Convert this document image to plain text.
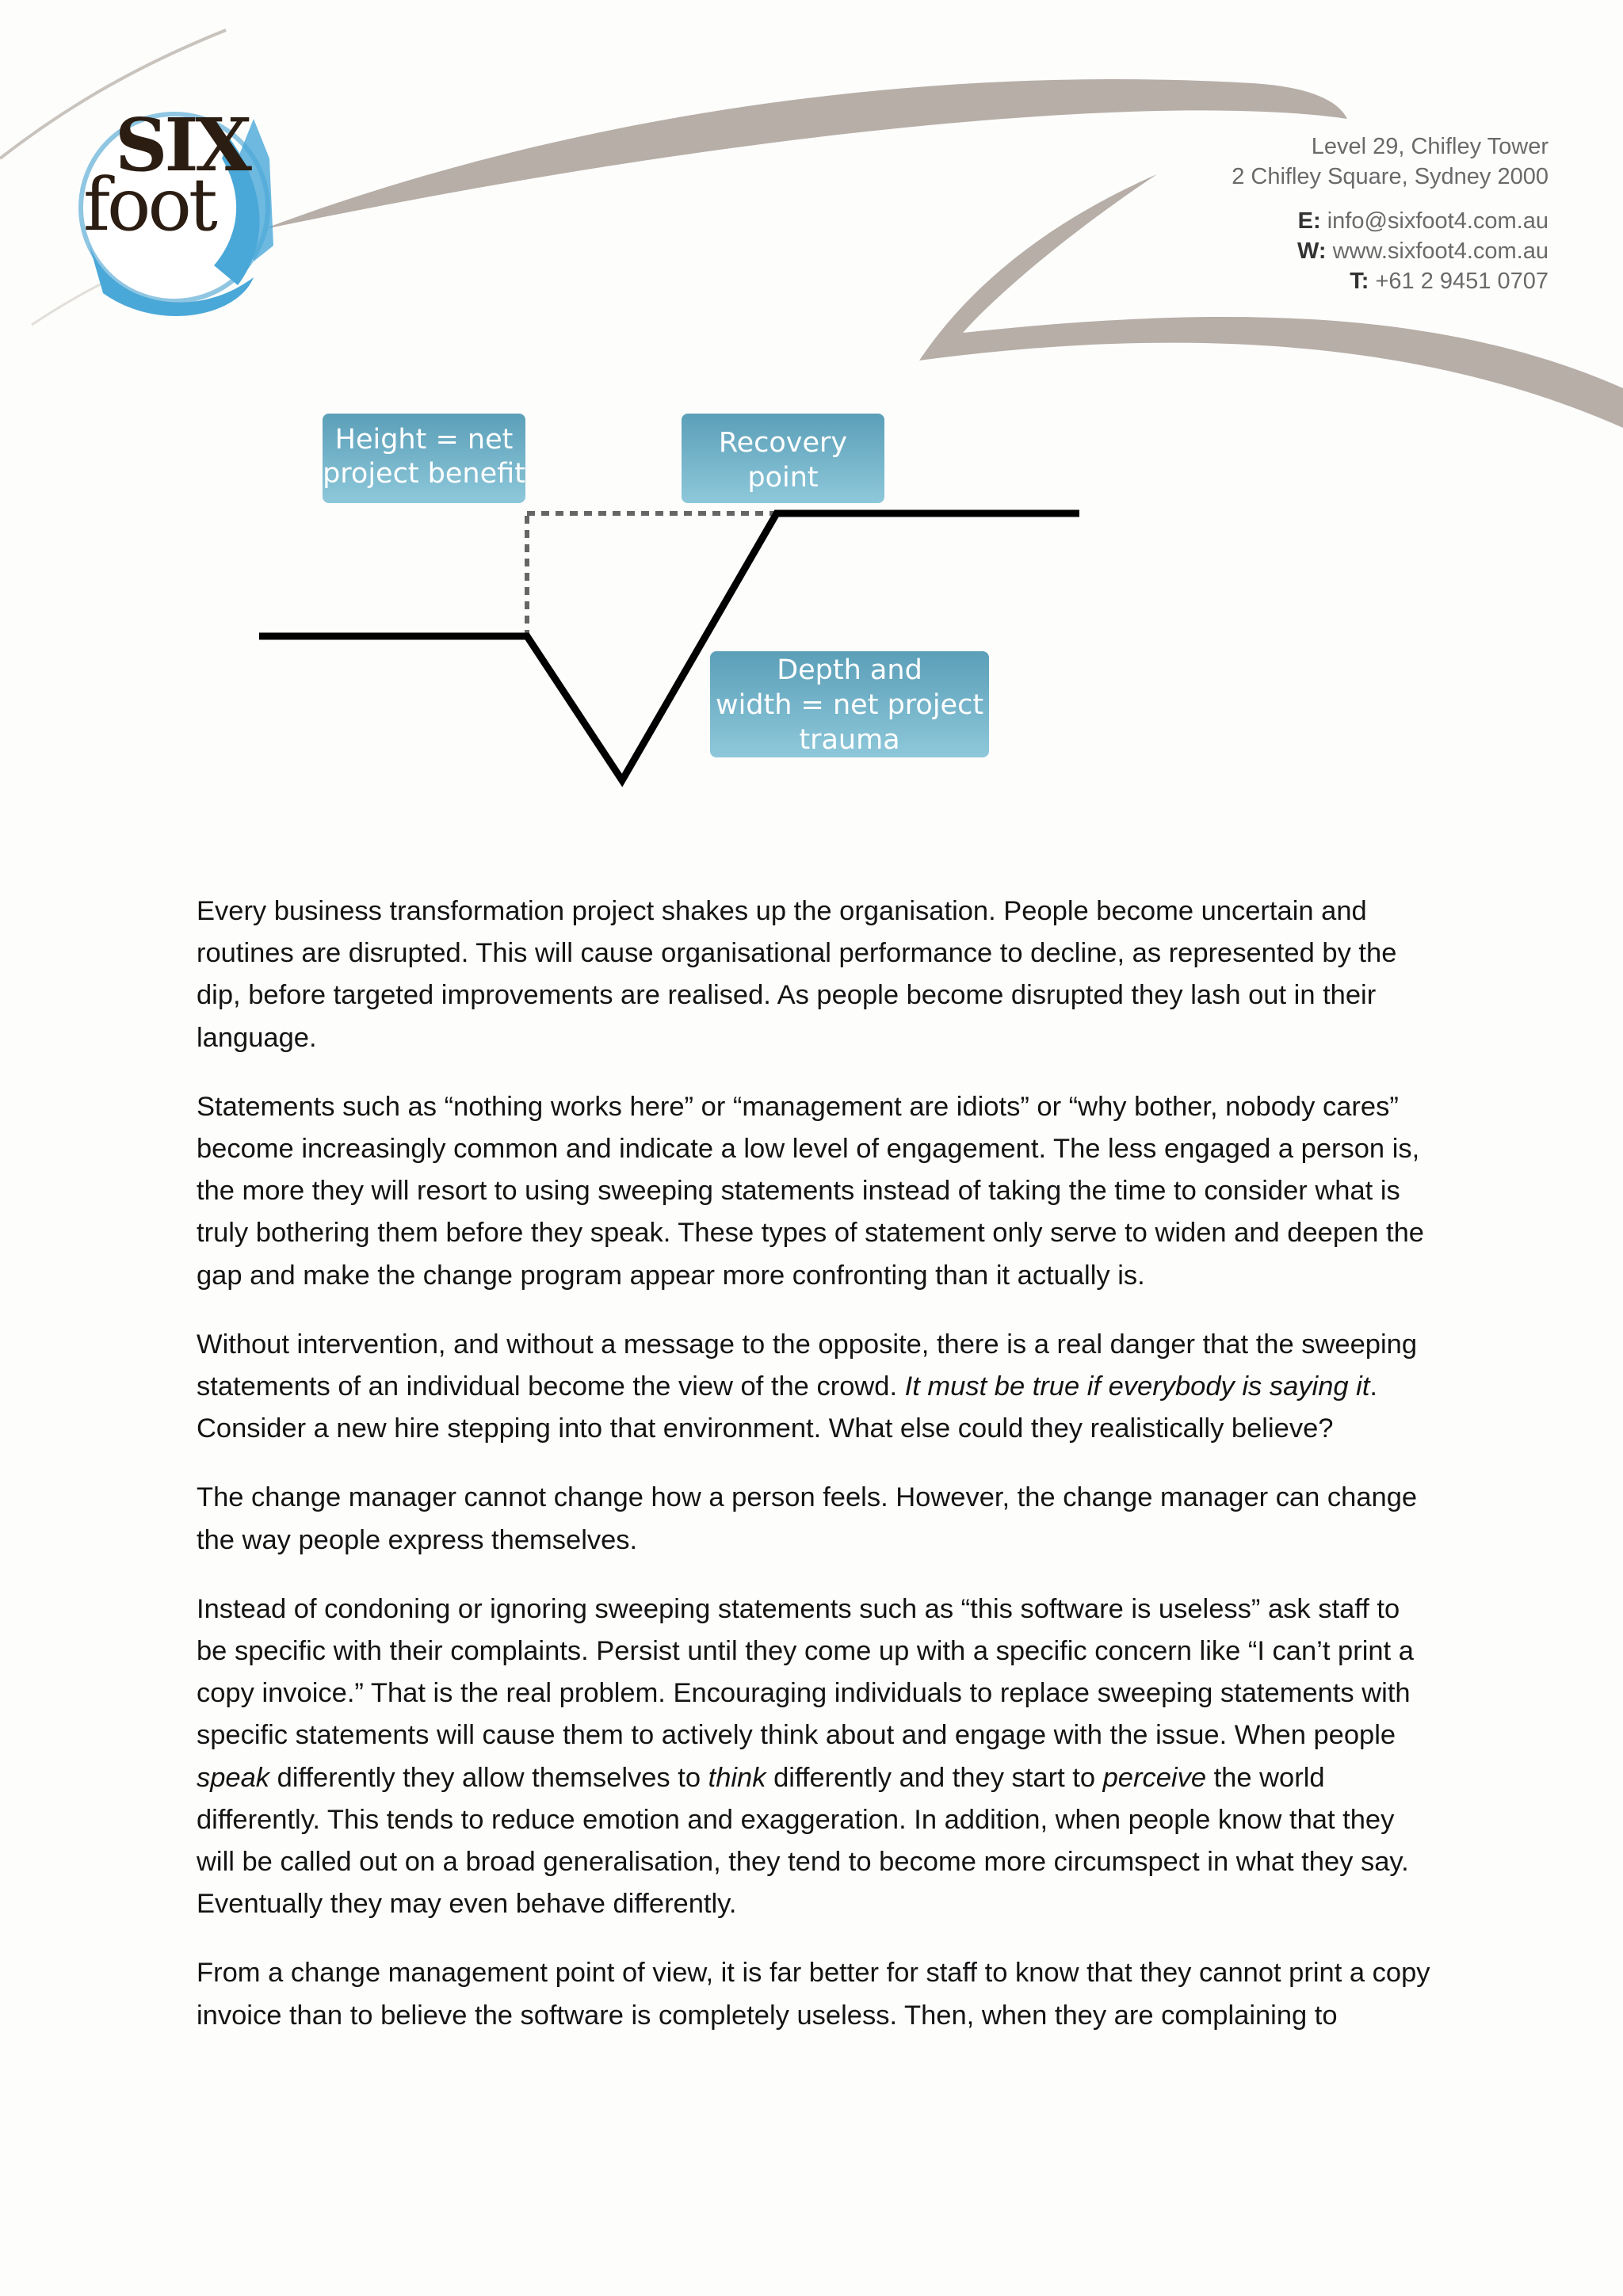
SIX
foot
Level 29, Chifley Tower
2 Chifley Square, Sydney 2000
E: info@sixfoot4.com.au
W: www.sixfoot4.com.au
T: +61 2 9451 0707
Height = net
project benefit
Recovery
point
Depth and
width = net project
trauma

Every business transformation project shakes up the organisation. People become uncertain and routines are disrupted. This will cause organisational performance to decline, as represented by the dip, before targeted improvements are realised. As people become disrupted they lash out in their language.

Statements such as “nothing works here” or “management are idiots” or “why bother, nobody cares” become increasingly common and indicate a low level of engagement. The less engaged a person is, the more they will resort to using sweeping statements instead of taking the time to consider what is truly bothering them before they speak. These types of statement only serve to widen and deepen the gap and make the change program appear more confronting than it actually is.

Without intervention, and without a message to the opposite, there is a real danger that the sweeping statements of an individual become the view of the crowd. It must be true if everybody is saying it. Consider a new hire stepping into that environment. What else could they realistically believe?

The change manager cannot change how a person feels. However, the change manager can change the way people express themselves.

Instead of condoning or ignoring sweeping statements such as “this software is useless” ask staff to be specific with their complaints. Persist until they come up with a specific concern like “I can’t print a copy invoice.” That is the real problem. Encouraging individuals to replace sweeping statements with specific statements will cause them to actively think about and engage with the issue. When people speak differently they allow themselves to think differently and they start to perceive the world differently. This tends to reduce emotion and exaggeration. In addition, when people know that they will be called out on a broad generalisation, they tend to become more circumspect in what they say. Eventually they may even behave differently.

From a change management point of view, it is far better for staff to know that they cannot print a copy invoice than to believe the software is completely useless. Then, when they are complaining to
